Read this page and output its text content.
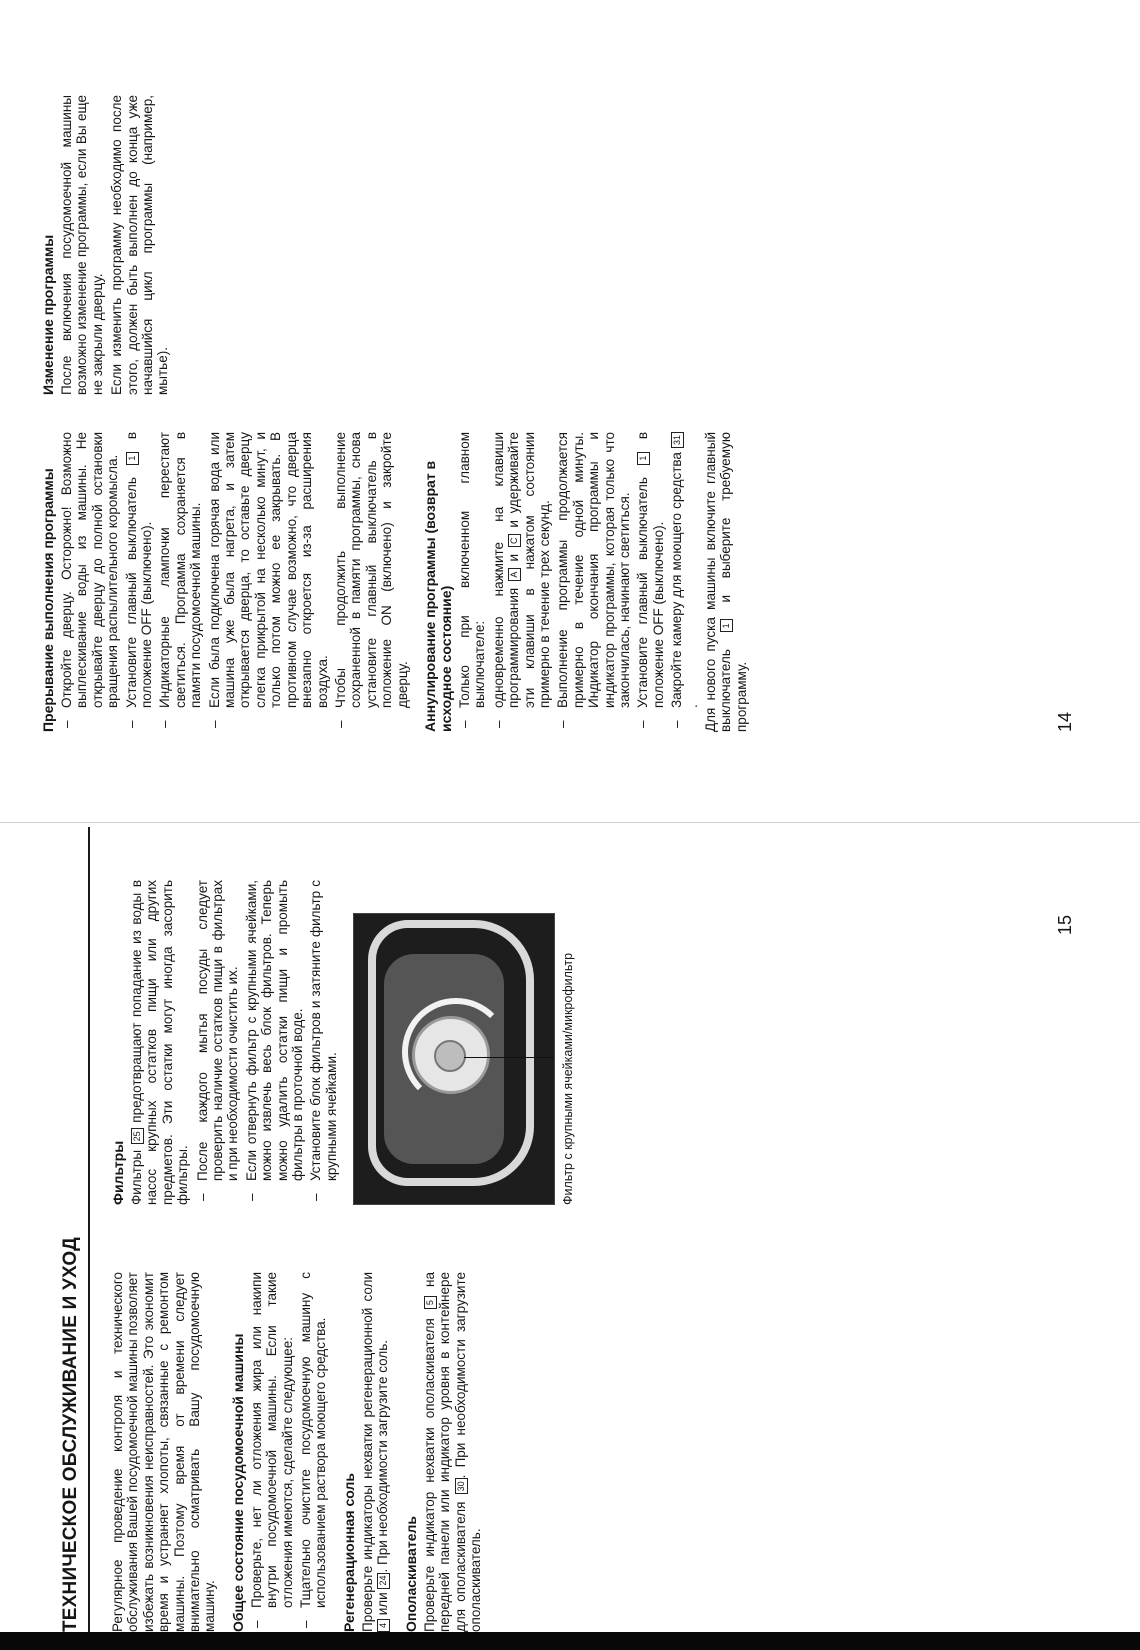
Прерывание выполнения программы – Откройте дверцу. Осторожно! Возможно выплескивание воды из машины. Не открывайте дверцу до полной остановки вращения распылительного коромысла. – Установите главный выключатель 1 в положение OFF (выключено). – Индикаторные лампочки перестают светиться. Программа сохраняется в памяти посудомоечной машины. – Если была подключена горячая вода или машина уже была нагрета, и затем открывается дверца, то оставьте дверцу слегка прикрытой на несколько минут, и только потом можно ее закрывать. В противном случае возможно, что дверца внезапно откроется из-за расширения воздуха. – Чтобы продолжить выполнение сохраненной в памяти программы, снова установите главный выключатель в положение ON (включено) и закройте дверцу. Аннулирование программы (возврат в исходное состояние) – Только при включенном главном выключателе: – одновременно нажмите на клавиши программирования A и C и удерживайте эти клавиши в нажатом состоянии примерно в течение трех секунд. – Выполнение программы продолжается примерно в течение одной минуты. Индикатор окончания программы и индикатор программы, которая только что закончилась, начинают светиться. – Установите главный выключатель 1 в положение OFF (выключено). – Закройте камеру для моющего средства 31. Для нового пуска машины включите главный выключатель 1 и выберите требуемую программу.

Изменение программы После включения посудомоечной машины возможно изменение программы, если Вы еще не закрыли дверцу. Если изменить программу необходимо после этого, должен быть выполнен до конца уже начавшийся цикл программы (например, мытье).

14
ТЕХНИЧЕСКОЕ ОБСЛУЖИВАНИЕ И УХОД	Регулярное проведение контроля и технического обслуживания Вашей посудомоечной машины позволяет избежать возникновения неисправностей. Это экономит время и устраняет хлопоты, связанные с ремонтом машины. Поэтому время от времени следует внимательно осматривать Вашу посудомоечную машину. Общее состояние посудомоечной машины – Проверьте, нет ли отложения жира или накипи внутри посудомоечной машины. Если такие отложения имеются, сделайте следующее: – Тщательно очистите посудомоечную машину с использованием раствора моющего средства. Регенерационная соль Проверьте индикаторы нехватки регенерационной соли 4 или 24. При необходимости загрузите соль.

Ополаскиватель Проверьте индикатор нехватки ополаскивателя 5 на передней панели или индикатор уровня в контейнере для ополаскивателя 30. При необходимости загрузите ополаскиватель.

Фильтры Фильтры 25 предотвращают попадание из воды в насос крупных остатков пищи или других предметов. Эти остатки могут иногда засорить фильтры. – После каждого мытья посуды следует проверить наличие остатков пищи в фильтрах и при необходимости очистить их. – Если отвернуть фильтр с крупными ячейками, можно извлечь весь блок фильтров. Теперь можно удалить остатки пищи и промыть фильтры в проточной воде. – Установите блок фильтров и затяните фильтр с крупными ячейками.	Фильтр с крупными ячейками/микрофильтр
15
